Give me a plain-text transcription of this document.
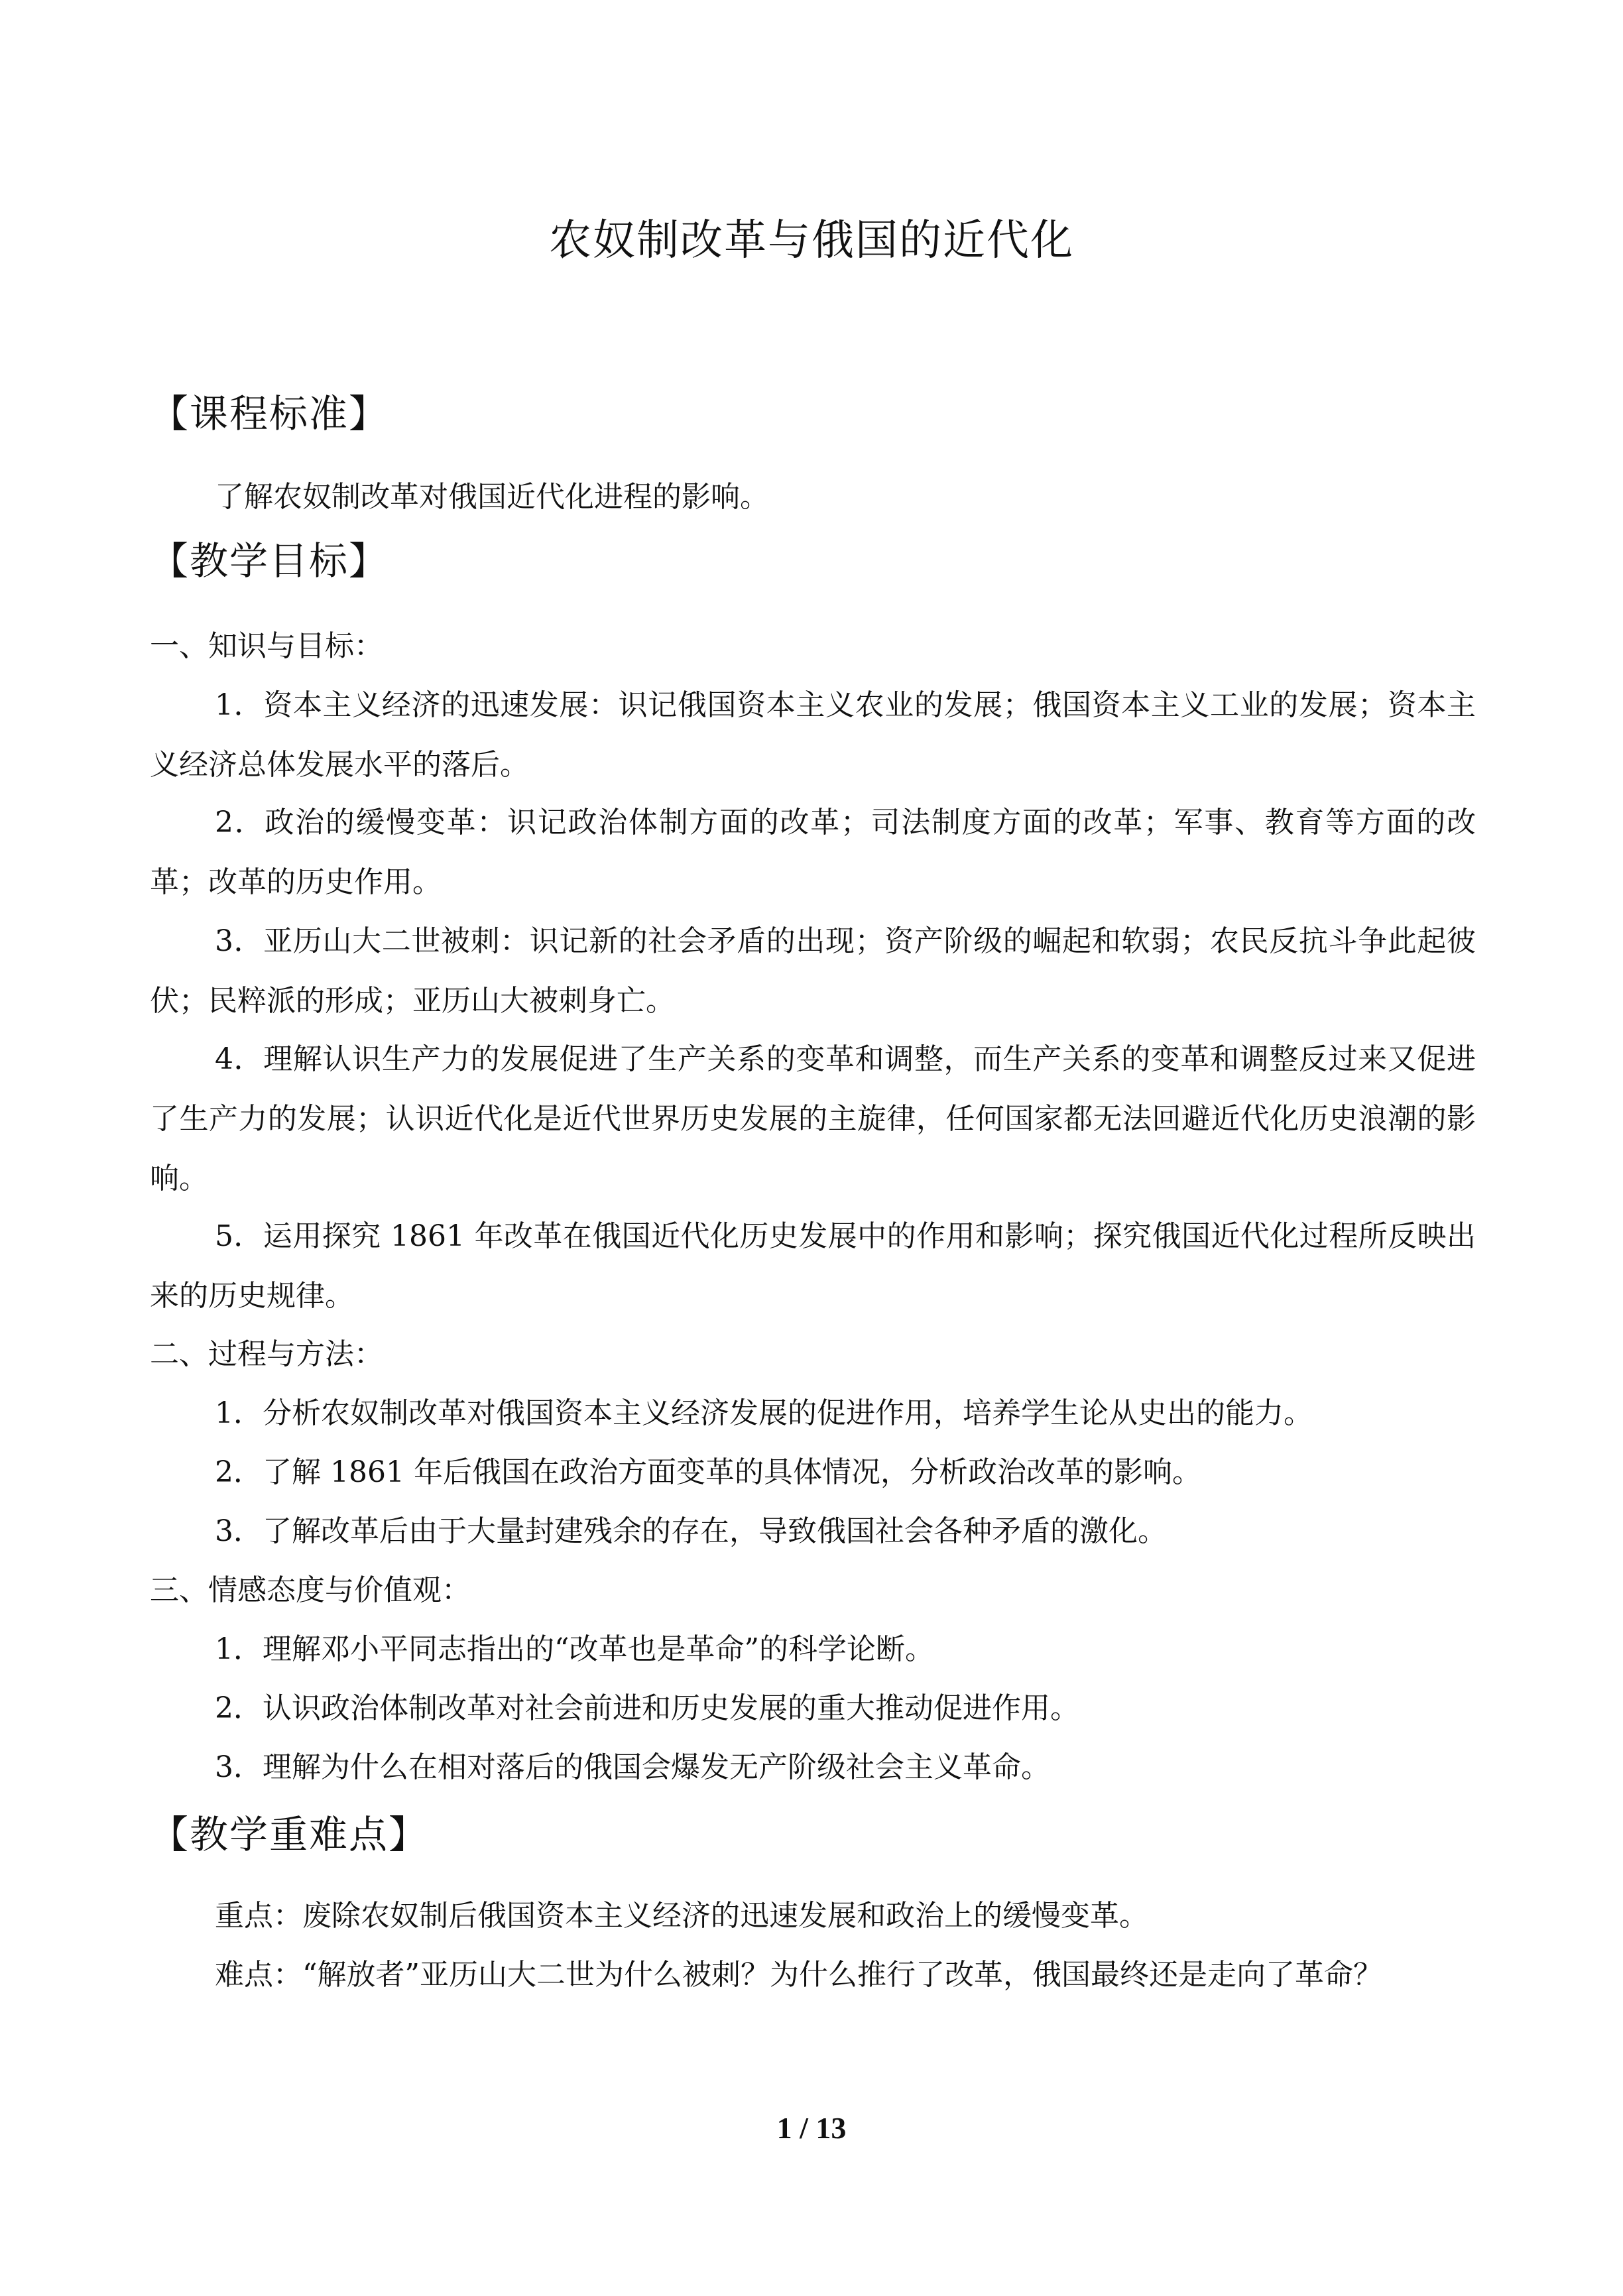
农奴制改革与俄国的近代化
【课程标准】
了解农奴制改革对俄国近代化进程的影响。
【教学目标】
一、知识与目标：
1．资本主义经济的迅速发展：识记俄国资本主义农业的发展；俄国资本主义工业的发展；资本主义经济总体发展水平的落后。
2．政治的缓慢变革：识记政治体制方面的改革；司法制度方面的改革；军事、教育等方面的改革；改革的历史作用。
3．亚历山大二世被刺：识记新的社会矛盾的出现；资产阶级的崛起和软弱；农民反抗斗争此起彼伏；民粹派的形成；亚历山大被刺身亡。
4．理解认识生产力的发展促进了生产关系的变革和调整，而生产关系的变革和调整反过来又促进了生产力的发展；认识近代化是近代世界历史发展的主旋律，任何国家都无法回避近代化历史浪潮的影响。
5．运用探究 1861 年改革在俄国近代化历史发展中的作用和影响；探究俄国近代化过程所反映出来的历史规律。
二、过程与方法：
1．分析农奴制改革对俄国资本主义经济发展的促进作用，培养学生论从史出的能力。
2．了解 1861 年后俄国在政治方面变革的具体情况，分析政治改革的影响。
3．了解改革后由于大量封建残余的存在，导致俄国社会各种矛盾的激化。
三、情感态度与价值观：
1．理解邓小平同志指出的“改革也是革命”的科学论断。
2．认识政治体制改革对社会前进和历史发展的重大推动促进作用。
3．理解为什么在相对落后的俄国会爆发无产阶级社会主义革命。
【教学重难点】
重点：废除农奴制后俄国资本主义经济的迅速发展和政治上的缓慢变革。
难点：“解放者”亚历山大二世为什么被刺？为什么推行了改革，俄国最终还是走向了革命？
1 / 13
